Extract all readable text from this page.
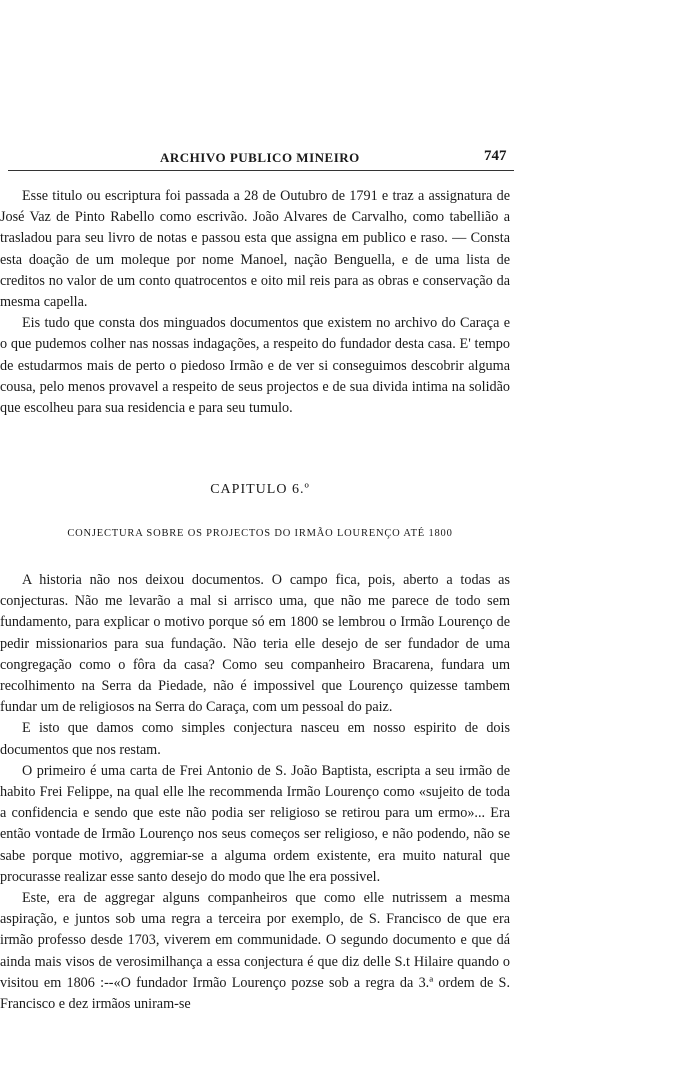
ARCHIVO PUBLICO MINEIRO	747

Esse titulo ou escriptura foi passada a 28 de Outubro de 1791 e traz a assignatura de José Vaz de Pinto Rabello como escrivão. João Alvares de Carvalho, como tabellião a trasladou para seu livro de notas e passou esta que assigna em publico e raso. — Consta esta doação de um moleque por nome Manoel, nação Benguella, e de uma lista de creditos no valor de um conto quatrocentos e oito mil reis para as obras e conservação da mesma capella.

Eis tudo que consta dos minguados documentos que existem no archivo do Caraça e o que pudemos colher nas nossas indagações, a respeito do fundador desta casa. E' tempo de estudarmos mais de perto o piedoso Irmão e de ver si conseguimos descobrir alguma cousa, pelo menos provavel a respeito de seus projectos e de sua divida intima na solidão que escolheu para sua residencia e para seu tumulo.

CAPITULO 6.º
CONJECTURA SOBRE OS PROJECTOS DO IRMÃO LOURENÇO ATÉ 1800

A historia não nos deixou documentos. O campo fica, pois, aberto a todas as conjecturas. Não me levarão a mal si arrisco uma, que não me parece de todo sem fundamento, para explicar o motivo porque só em 1800 se lembrou o Irmão Lourenço de pedir missionarios para sua fundação. Não teria elle desejo de ser fundador de uma congregação como o fôra da casa? Como seu companheiro Bracarena, fundara um recolhimento na Serra da Piedade, não é impossivel que Lourenço quizesse tambem fundar um de religiosos na Serra do Caraça, com um pessoal do paiz.

E isto que damos como simples conjectura nasceu em nosso espirito de dois documentos que nos restam.

O primeiro é uma carta de Frei Antonio de S. João Baptista, escripta a seu irmão de habito Frei Felippe, na qual elle lhe recommenda Irmão Lourenço como «sujeito de toda a confidencia e sendo que este não podia ser religioso se retirou para um ermo»... Era então vontade de Irmão Lourenço nos seus começos ser religioso, e não podendo, não se sabe porque motivo, aggremiar-se a alguma ordem existente, era muito natural que procurasse realizar esse santo desejo do modo que lhe era possivel.

Este, era de aggregar alguns companheiros que como elle nutrissem a mesma aspiração, e juntos sob uma regra a terceira por exemplo, de S. Francisco de que era irmão professo desde 1703, viverem em communidade. O segundo documento e que dá ainda mais visos de verosimilhança a essa conjectura é que diz delle S.t Hilaire quando o visitou em 1806 :--«O fundador Irmão Lourenço pozse sob a regra da 3.ª ordem de S. Francisco e dez irmãos uniram-se
